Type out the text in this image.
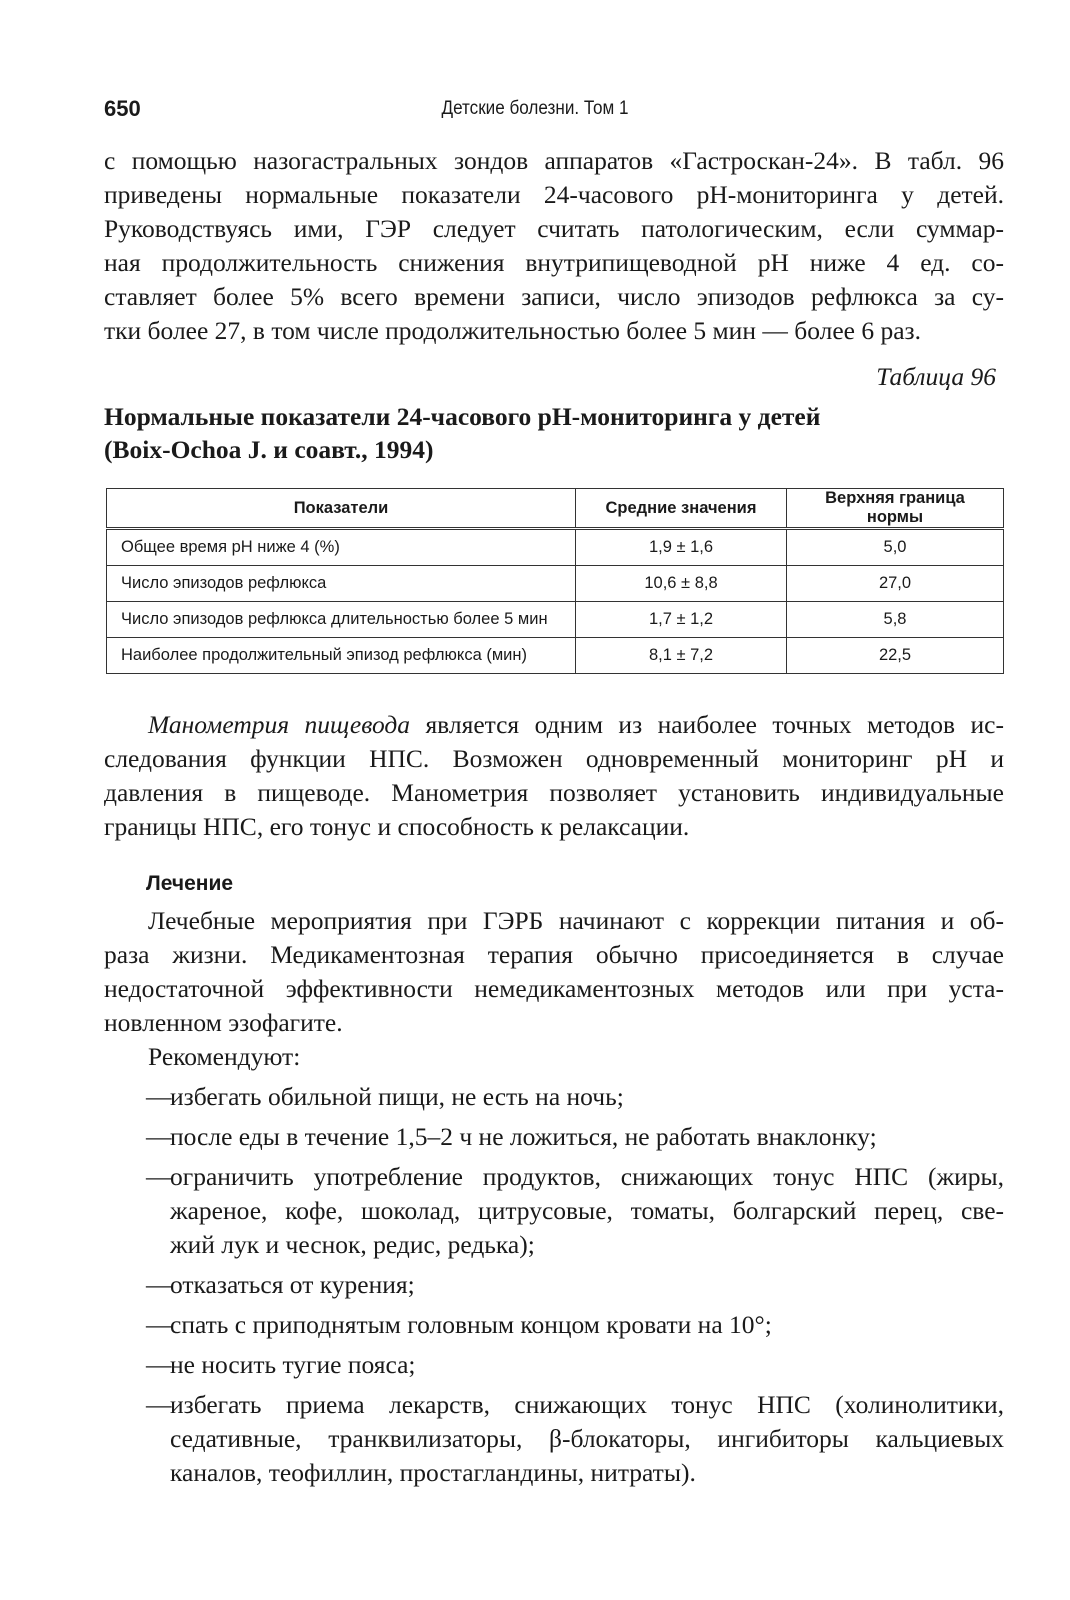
650	Детские болезни. Том 1

с помощью назогастральных зондов аппаратов «Гастроскан-24». В табл. 96
приведены нормальные показатели 24-часового рН-мониторинга у детей.
Руководствуясь ими, ГЭР следует считать патологическим, если суммар-
ная продолжительность снижения внутрипищеводной рН ниже 4 ед. со-
ставляет более 5% всего времени записи, число эпизодов рефлюкса за су-
тки более 27, в том числе продолжительностью более 5 мин — более 6 раз.

Таблица 96
Нормальные показатели 24-часового рН-мониторинга у детей
(Boix-Ochoa J. и соавт., 1994)
Показатели	Средние значения	Верхняя граница нормы
Общее время рН ниже 4 (%)	1,9 ± 1,6	5,0
Число эпизодов рефлюкса	10,6 ± 8,8	27,0
Число эпизодов рефлюкса длительностью более 5 мин	1,7 ± 1,2	5,8
Наиболее продолжительный эпизод рефлюкса (мин)	8,1 ± 7,2	22,5

Манометрия пищевода является одним из наиболее точных методов ис-
следования функции НПС. Возможен одновременный мониторинг рН и
давления в пищеводе. Манометрия позволяет установить индивидуальные
границы НПС, его тонус и способность к релаксации.

Лечение

Лечебные мероприятия при ГЭРБ начинают с коррекции питания и об-
раза жизни. Медикаментозная терапия обычно присоединяется в случае
недостаточной эффективности немедикаментозных методов или при уста-
новленном эзофагите.

Рекомендуют:

—
избегать обильной пищи, не есть на ночь;
—
после еды в течение 1,5–2 ч не ложиться, не работать внаклонку;
—
ограничить употребление продуктов, снижающих тонус НПС (жиры,
жареное, кофе, шоколад, цитрусовые, томаты, болгарский перец, све-
жий лук и чеснок, редис, редька);
—
отказаться от курения;
—
спать с приподнятым головным концом кровати на 10°;
—
не носить тугие пояса;
—
избегать приема лекарств, снижающих тонус НПС (холинолитики,
седативные, транквилизаторы, β-блокаторы, ингибиторы кальциевых
каналов, теофиллин, простагландины, нитраты).
